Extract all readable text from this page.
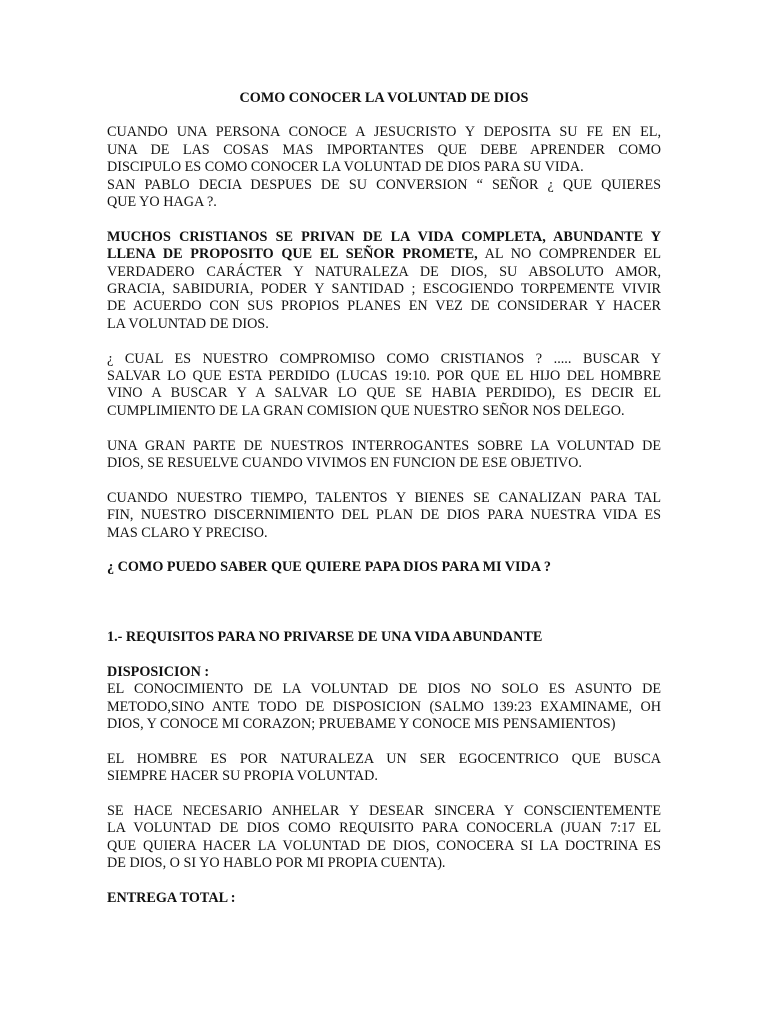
COMO CONOCER LA VOLUNTAD DE DIOS

CUANDO UNA PERSONA CONOCE A JESUCRISTO Y DEPOSITA SU FE EN EL,
UNA DE LAS COSAS MAS IMPORTANTES QUE DEBE APRENDER COMO
DISCIPULO ES COMO CONOCER LA VOLUNTAD DE DIOS PARA SU VIDA.
SAN PABLO DECIA DESPUES DE SU CONVERSION “ SEÑOR ¿ QUE QUIERES
QUE YO HAGA ?.

MUCHOS CRISTIANOS SE PRIVAN DE LA VIDA COMPLETA, ABUNDANTE Y
LLENA DE PROPOSITO QUE EL SEÑOR PROMETE, AL NO COMPRENDER EL
VERDADERO CARÁCTER Y NATURALEZA DE DIOS, SU ABSOLUTO AMOR,
GRACIA, SABIDURIA, PODER Y SANTIDAD ; ESCOGIENDO TORPEMENTE VIVIR
DE ACUERDO CON SUS PROPIOS PLANES EN VEZ DE CONSIDERAR Y HACER
LA VOLUNTAD DE DIOS.

¿ CUAL ES NUESTRO COMPROMISO COMO CRISTIANOS ? ..... BUSCAR Y
SALVAR LO QUE ESTA PERDIDO (LUCAS 19:10. POR QUE EL HIJO DEL HOMBRE
VINO A BUSCAR Y A SALVAR LO QUE SE HABIA PERDIDO), ES DECIR EL
CUMPLIMIENTO DE LA GRAN COMISION QUE NUESTRO SEÑOR NOS DELEGO.

UNA GRAN PARTE DE NUESTROS INTERROGANTES SOBRE LA VOLUNTAD DE
DIOS, SE RESUELVE CUANDO VIVIMOS EN FUNCION DE ESE OBJETIVO.

CUANDO NUESTRO TIEMPO, TALENTOS Y BIENES SE CANALIZAN PARA TAL
FIN, NUESTRO DISCERNIMIENTO DEL PLAN DE DIOS PARA NUESTRA VIDA ES
MAS CLARO Y PRECISO.

¿ COMO PUEDO SABER QUE QUIERE PAPA DIOS PARA MI VIDA ?
1.- REQUISITOS PARA NO PRIVARSE DE UNA VIDA ABUNDANTE
DISPOSICION :

EL CONOCIMIENTO DE LA VOLUNTAD DE DIOS NO SOLO ES ASUNTO DE
METODO,SINO ANTE TODO DE DISPOSICION (SALMO 139:23 EXAMINAME, OH
DIOS, Y CONOCE MI CORAZON; PRUEBAME Y CONOCE MIS PENSAMIENTOS)

EL HOMBRE ES POR NATURALEZA UN SER EGOCENTRICO QUE BUSCA
SIEMPRE HACER SU PROPIA VOLUNTAD.

SE HACE NECESARIO ANHELAR Y DESEAR SINCERA Y CONSCIENTEMENTE
LA VOLUNTAD DE DIOS COMO REQUISITO PARA CONOCERLA (JUAN 7:17 EL
QUE QUIERA HACER LA VOLUNTAD DE DIOS, CONOCERA SI LA DOCTRINA ES
DE DIOS, O SI YO HABLO POR MI PROPIA CUENTA).

ENTREGA TOTAL :
